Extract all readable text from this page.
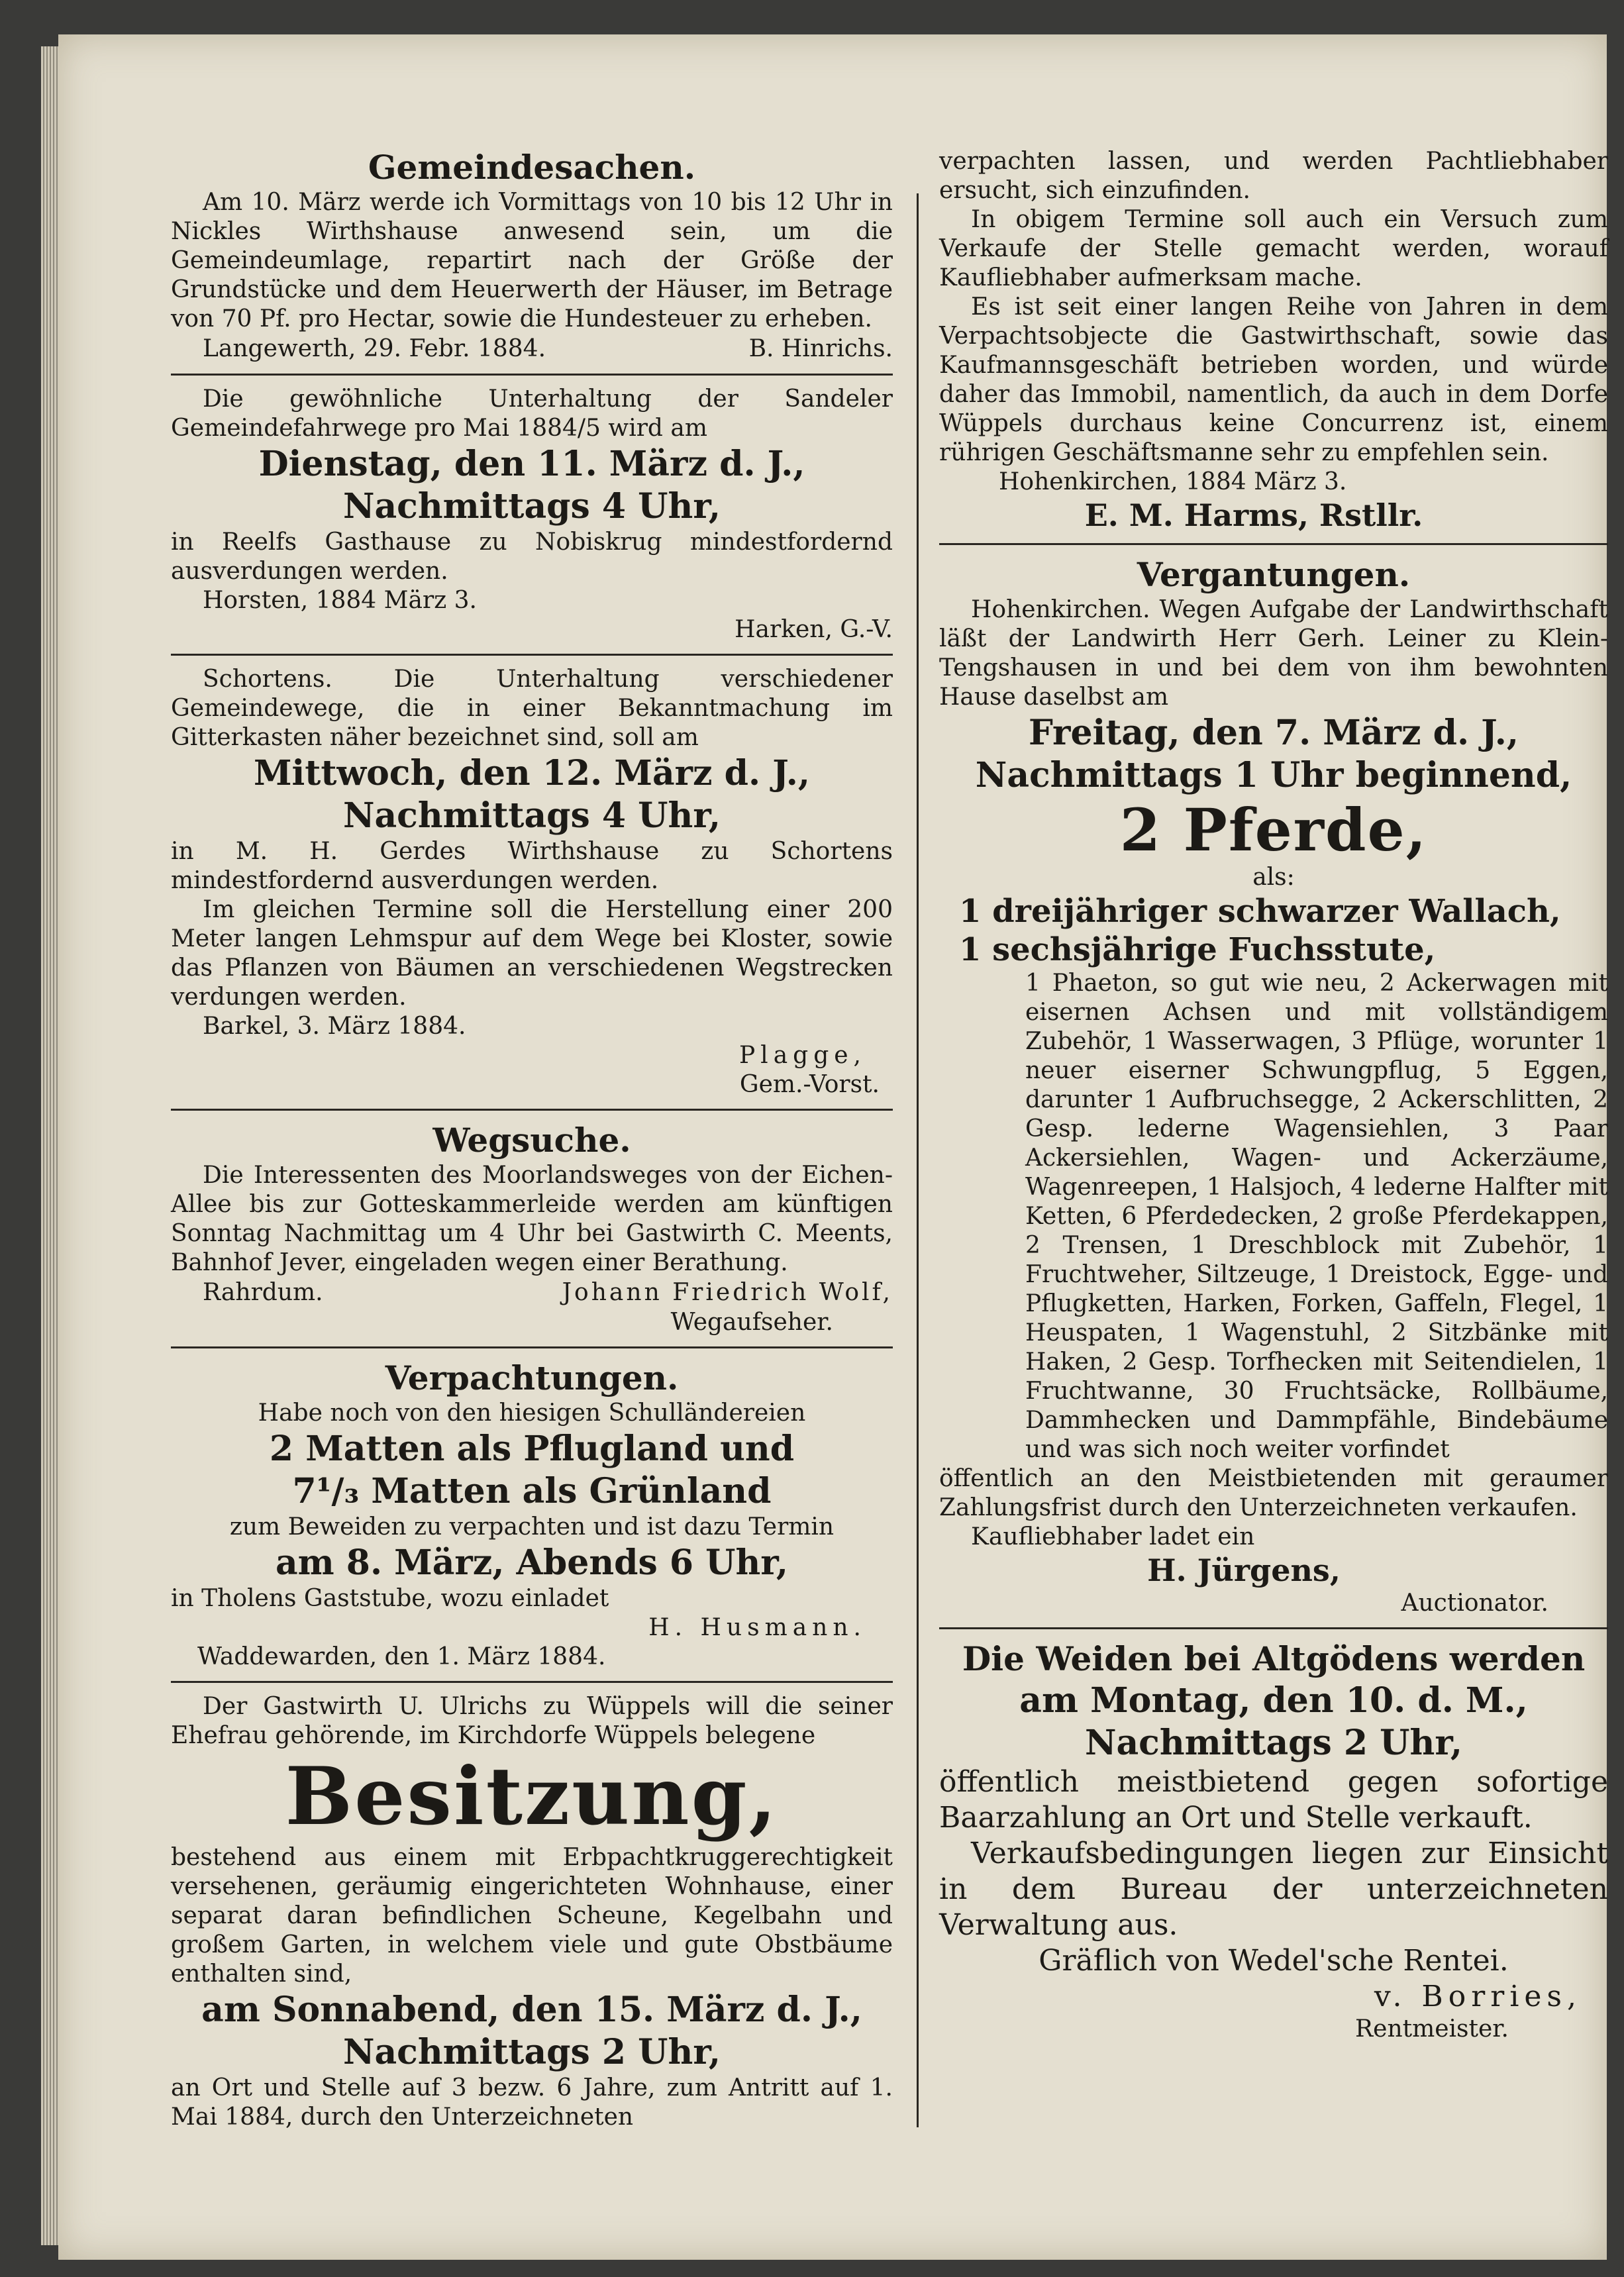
Gemeindesachen.

Am 10. März werde ich Vormittags von 10 bis 12 Uhr in Nickles Wirthshause anwesend sein, um die Gemeindeumlage, repartirt nach der Größe der Grundstücke und dem Heuerwerth der Häuser, im Betrage von 70 Pf. pro Hectar, sowie die Hundesteuer zu erheben.

Langewerth, 29. Febr. 1884.	B. Hinrichs.

Die gewöhnliche Unterhaltung der Sandeler Gemeindefahrwege pro Mai 1884/5 wird am

Dienstag, den 11. März d. J.,

Nachmittags 4 Uhr,

in Reelfs Gasthause zu Nobiskrug mindestfordernd ausverdungen werden.

Horsten, 1884 März 3.

Harken, G.-V.

Schortens. Die Unterhaltung verschiedener Gemeindewege, die in einer Bekanntmachung im Gitterkasten näher bezeichnet sind, soll am

Mittwoch, den 12. März d. J.,

Nachmittags 4 Uhr,

in M. H. Gerdes Wirthshause zu Schortens mindestfordernd ausverdungen werden.

Im gleichen Termine soll die Herstellung einer 200 Meter langen Lehmspur auf dem Wege bei Kloster, sowie das Pflanzen von Bäumen an verschiedenen Wegstrecken verdungen werden.

Barkel, 3. März 1884.

Plagge,

Gem.-Vorst.

Wegsuche.

Die Interessenten des Moorlandsweges von der Eichen-Allee bis zur Gotteskammerleide werden am künftigen Sonntag Nachmittag um 4 Uhr bei Gastwirth C. Meents, Bahnhof Jever, eingeladen wegen einer Berathung.

Rahrdum.	Johann Friedrich Wolf,

Wegaufseher.

Verpachtungen.

Habe noch von den hiesigen Schulländereien

2 Matten als Pflugland und

7¹/₃ Matten als Grünland

zum Beweiden zu verpachten und ist dazu Termin

am 8. März, Abends 6 Uhr,

in Tholens Gaststube, wozu einladet

H. Husmann.

Waddewarden, den 1. März 1884.

Der Gastwirth U. Ulrichs zu Wüppels will die seiner Ehefrau gehörende, im Kirchdorfe Wüppels belegene

Besitzung,

bestehend aus einem mit Erbpachtkruggerechtigkeit versehenen, geräumig eingerichteten Wohnhause, einer separat daran befindlichen Scheune, Kegelbahn und großem Garten, in welchem viele und gute Obstbäume enthalten sind,

am Sonnabend, den 15. März d. J.,

Nachmittags 2 Uhr,

an Ort und Stelle auf 3 bezw. 6 Jahre, zum Antritt auf 1. Mai 1884, durch den Unterzeichneten

verpachten lassen, und werden Pachtliebhaber ersucht, sich einzufinden.

In obigem Termine soll auch ein Versuch zum Verkaufe der Stelle gemacht werden, worauf Kaufliebhaber aufmerksam mache.

Es ist seit einer langen Reihe von Jahren in dem Verpachtsobjecte die Gastwirthschaft, sowie das Kaufmannsgeschäft betrieben worden, und würde daher das Immobil, namentlich, da auch in dem Dorfe Wüppels durchaus keine Concurrenz ist, einem rührigen Geschäftsmanne sehr zu empfehlen sein.

Hohenkirchen, 1884 März 3.

E. M. Harms, Rstllr.

Vergantungen.

Hohenkirchen. Wegen Aufgabe der Landwirthschaft läßt der Landwirth Herr Gerh. Leiner zu Klein-Tengshausen in und bei dem von ihm bewohnten Hause daselbst am

Freitag, den 7. März d. J.,

Nachmittags 1 Uhr beginnend,

2 Pferde,

als:

1 dreijähriger schwarzer Wallach,

1 sechsjährige Fuchsstute,

1 Phaeton, so gut wie neu, 2 Ackerwagen mit eisernen Achsen und mit vollständigem Zubehör, 1 Wasserwagen, 3 Pflüge, worunter 1 neuer eiserner Schwungpflug, 5 Eggen, darunter 1 Aufbruchsegge, 2 Ackerschlitten, 2 Gesp. lederne Wagensiehlen, 3 Paar Ackersiehlen, Wagen- und Ackerzäume, Wagenreepen, 1 Halsjoch, 4 lederne Halfter mit Ketten, 6 Pferdedecken, 2 große Pferdekappen, 2 Trensen, 1 Dreschblock mit Zubehör, 1 Fruchtweher, Siltzeuge, 1 Dreistock, Egge- und Pflugketten, Harken, Forken, Gaffeln, Flegel, 1 Heuspaten, 1 Wagenstuhl, 2 Sitzbänke mit Haken, 2 Gesp. Torfhecken mit Seitendielen, 1 Fruchtwanne, 30 Fruchtsäcke, Rollbäume, Dammhecken und Dammpfähle, Bindebäume und was sich noch weiter vorfindet

öffentlich an den Meistbietenden mit geraumer Zahlungsfrist durch den Unterzeichneten verkaufen.

Kaufliebhaber ladet ein

H. Jürgens,

Auctionator.

Die Weiden bei Altgödens werden

am Montag, den 10. d. M.,

Nachmittags 2 Uhr,

öffentlich meistbietend gegen sofortige Baarzahlung an Ort und Stelle verkauft.

Verkaufsbedingungen liegen zur Einsicht in dem Bureau der unterzeichneten Verwaltung aus.

Gräflich von Wedel'sche Rentei.

v. Borries,

Rentmeister.
